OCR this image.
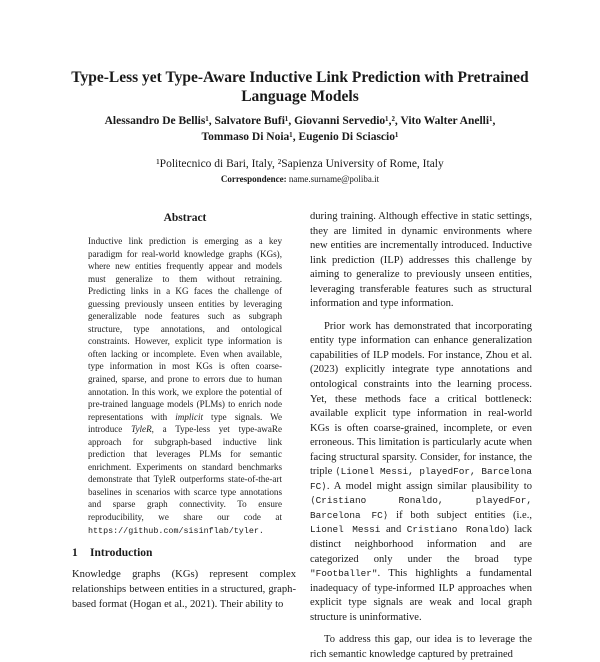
Type-Less yet Type-Aware Inductive Link Prediction with Pretrained Language Models
Alessandro De Bellis¹, Salvatore Bufi¹, Giovanni Servedio¹,², Vito Walter Anelli¹,
Tommaso Di Noia¹, Eugenio Di Sciascio¹
¹Politecnico di Bari, Italy, ²Sapienza University of Rome, Italy
Correspondence: name.surname@poliba.it
Abstract
Inductive link prediction is emerging as a key paradigm for real-world knowledge graphs (KGs), where new entities frequently appear and models must generalize to them without retraining. Predicting links in a KG faces the challenge of guessing previously unseen entities by leveraging generalizable node features such as subgraph structure, type annotations, and ontological constraints. However, explicit type information is often lacking or incomplete. Even when available, type information in most KGs is often coarse-grained, sparse, and prone to errors due to human annotation. In this work, we explore the potential of pre-trained language models (PLMs) to enrich node representations with implicit type signals. We introduce TyleR, a Type-less yet type-awaRe approach for subgraph-based inductive link prediction that leverages PLMs for semantic enrichment. Experiments on standard benchmarks demonstrate that TyleR outperforms state-of-the-art baselines in scenarios with scarce type annotations and sparse graph connectivity. To ensure reproducibility, we share our code at https://github.com/sisinflab/tyler.
1 Introduction
Knowledge graphs (KGs) represent complex relationships between entities in a structured, graph-based format (Hogan et al., 2021). Their ability to

during training. Although effective in static settings, they are limited in dynamic environments where new entities are incrementally introduced. Inductive link prediction (ILP) addresses this challenge by aiming to generalize to previously unseen entities, leveraging transferable features such as structural information and type information.

Prior work has demonstrated that incorporating entity type information can enhance generalization capabilities of ILP models. For instance, Zhou et al. (2023) explicitly integrate type annotations and ontological constraints into the learning process. Yet, these methods face a critical bottleneck: available explicit type information in real-world KGs is often coarse-grained, incomplete, or even erroneous. This limitation is particularly acute when facing structural sparsity. Consider, for instance, the triple ⟨Lionel Messi, playedFor, Barcelona FC⟩. A model might assign similar plausibility to ⟨Cristiano Ronaldo, playedFor, Barcelona FC⟩ if both subject entities (i.e., Lionel Messi and Cristiano Ronaldo) lack distinct neighborhood information and are categorized only under the broad type "Footballer". This highlights a fundamental inadequacy of type-informed ILP approaches when explicit type signals are weak and local graph structure is uninformative.

To address this gap, our idea is to leverage the rich semantic knowledge captured by pretrained
